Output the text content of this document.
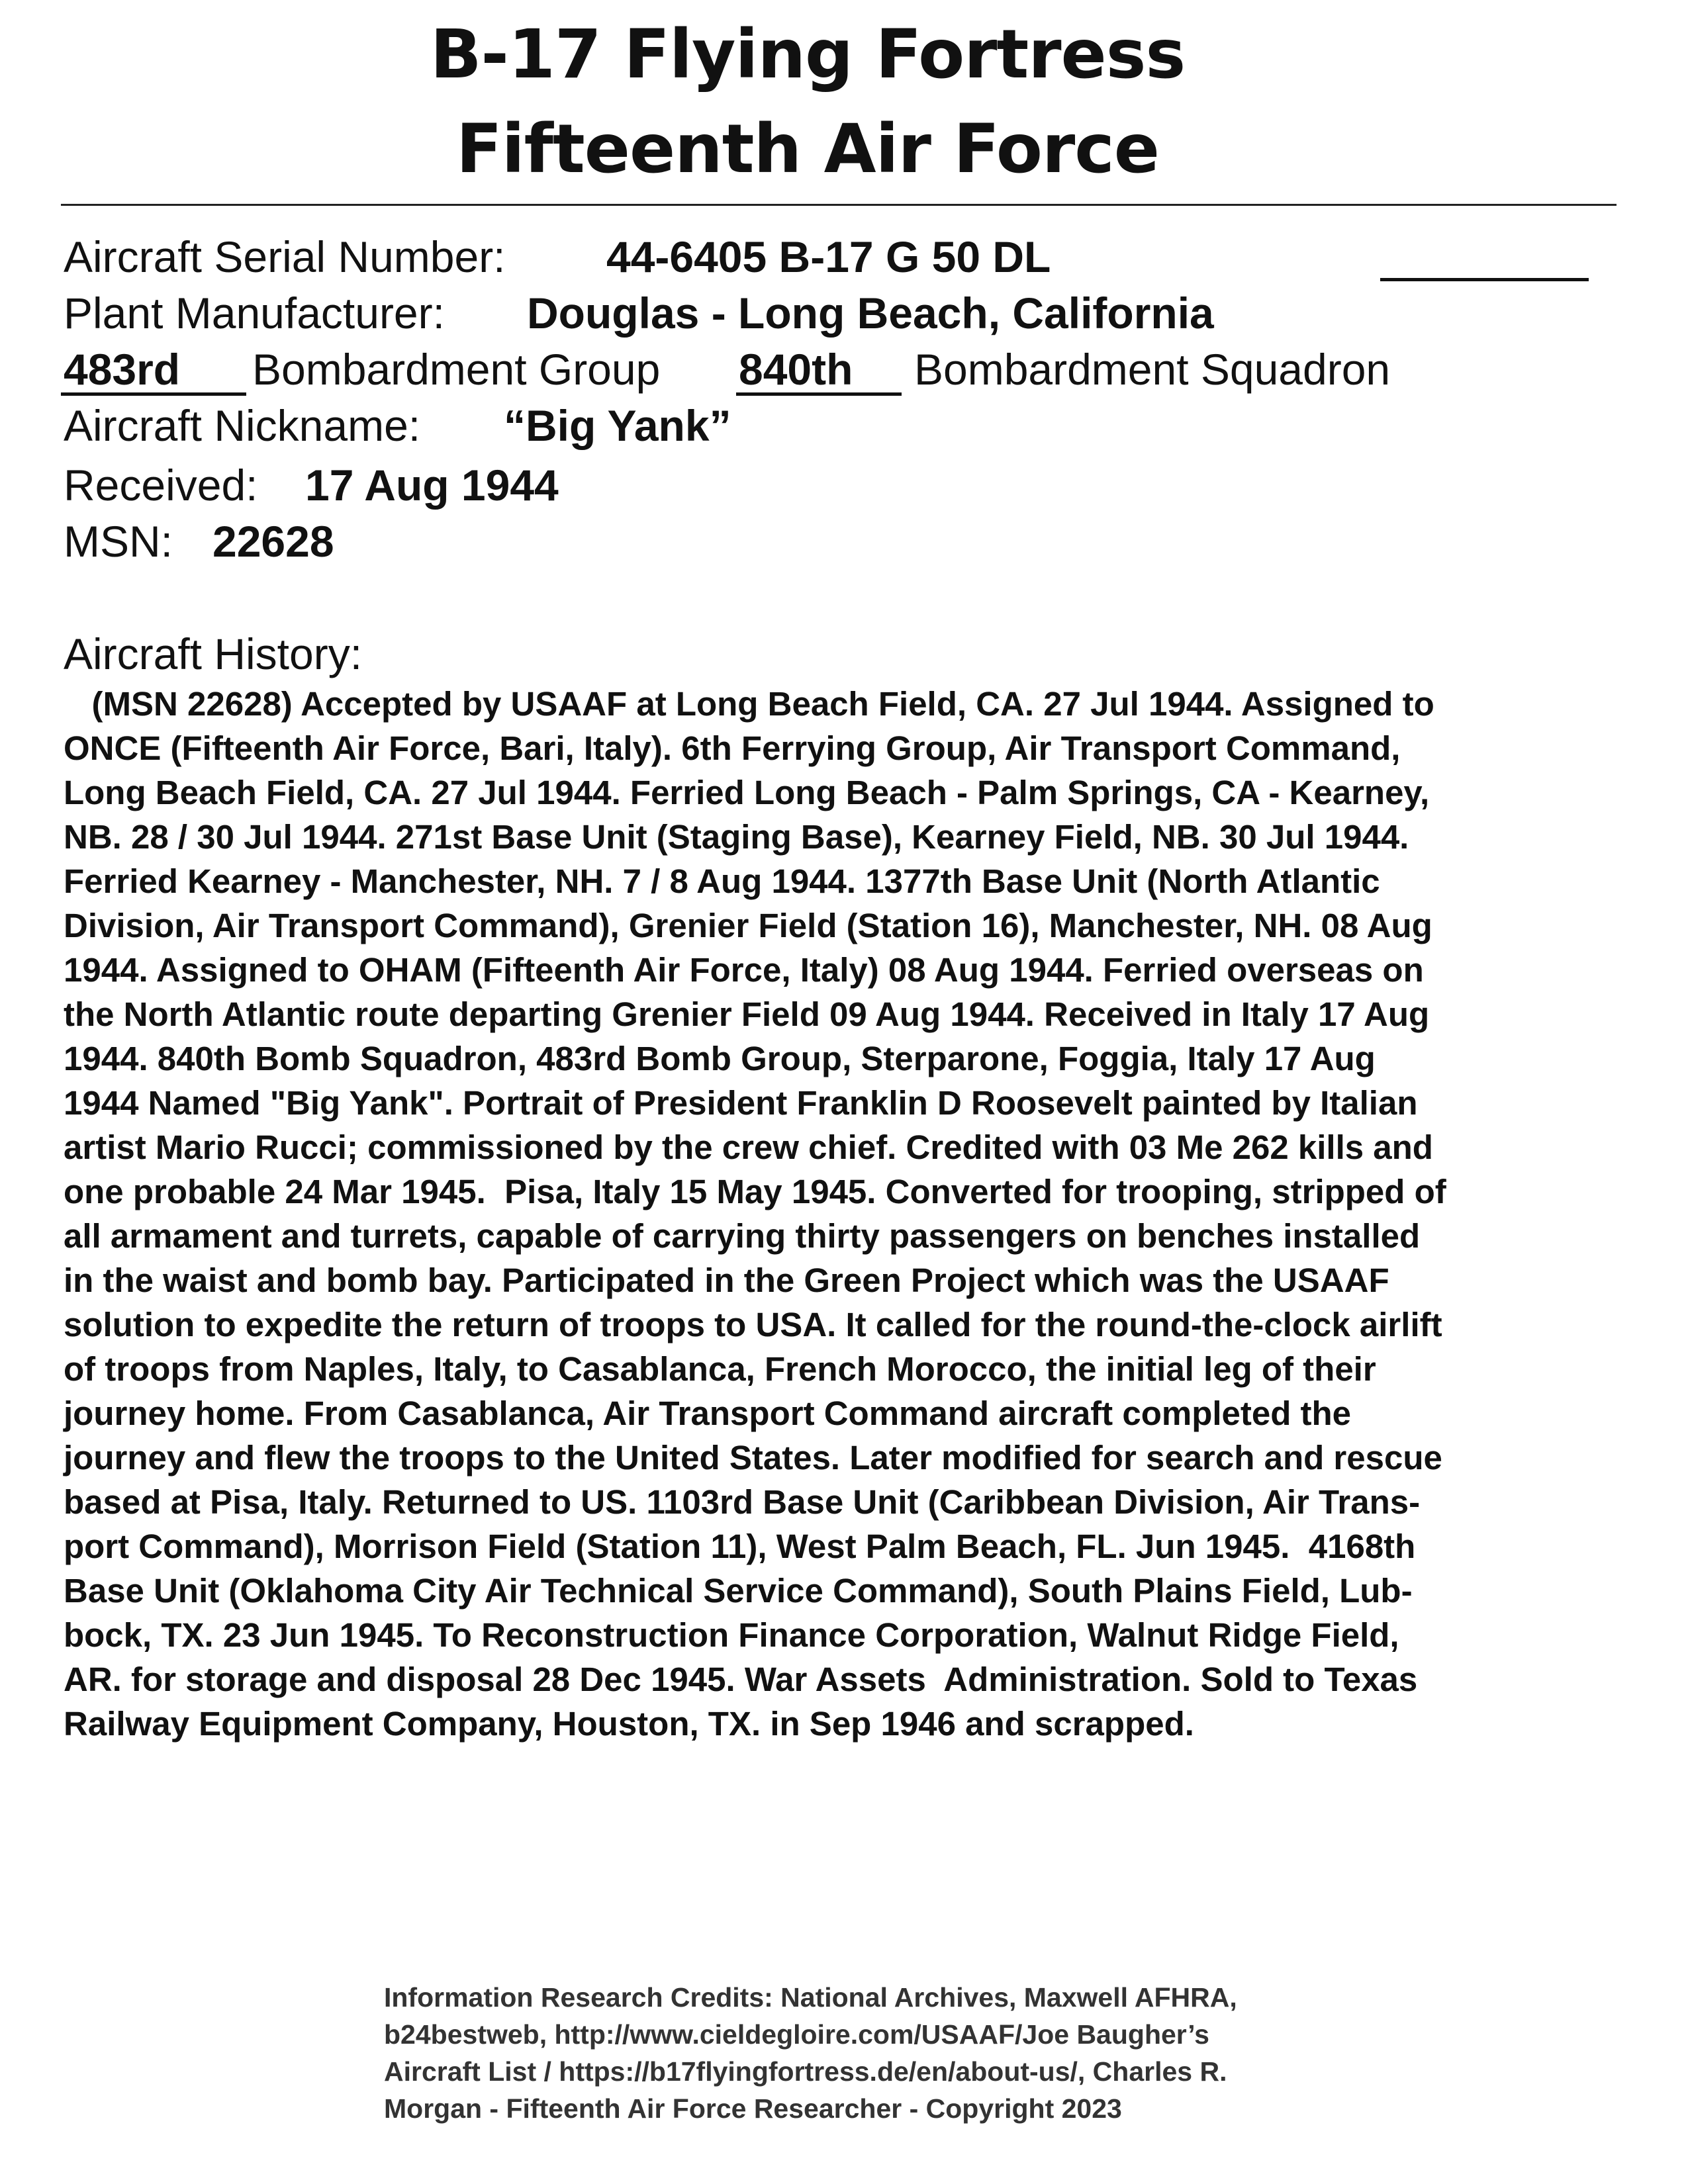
B-17 Flying Fortress
Fifteenth Air Force
Aircraft Serial Number: 44-6405 B-17 G 50 DL
Plant Manufacturer: Douglas - Long Beach, California
483rd Bombardment Group 840th Bombardment Squadron
Aircraft Nickname: “Big Yank”
Received: 17 Aug 1944
MSN: 22628
Aircraft History:
(MSN 22628) Accepted by USAAF at Long Beach Field, CA. 27 Jul 1944. Assigned to
ONCE (Fifteenth Air Force, Bari, Italy). 6th Ferrying Group, Air Transport Command,
Long Beach Field, CA. 27 Jul 1944. Ferried Long Beach - Palm Springs, CA - Kearney,
NB. 28 / 30 Jul 1944. 271st Base Unit (Staging Base), Kearney Field, NB. 30 Jul 1944.
Ferried Kearney - Manchester, NH. 7 / 8 Aug 1944. 1377th Base Unit (North Atlantic
Division, Air Transport Command), Grenier Field (Station 16), Manchester, NH. 08 Aug
1944. Assigned to OHAM (Fifteenth Air Force, Italy) 08 Aug 1944. Ferried overseas on
the North Atlantic route departing Grenier Field 09 Aug 1944. Received in Italy 17 Aug
1944. 840th Bomb Squadron, 483rd Bomb Group, Sterparone, Foggia, Italy 17 Aug
1944 Named "Big Yank". Portrait of President Franklin D Roosevelt painted by Italian
artist Mario Rucci; commissioned by the crew chief. Credited with 03 Me 262 kills and
one probable 24 Mar 1945.  Pisa, Italy 15 May 1945. Converted for trooping, stripped of
all armament and turrets, capable of carrying thirty passengers on benches installed
in the waist and bomb bay. Participated in the Green Project which was the USAAF
solution to expedite the return of troops to USA. It called for the round-the-clock airlift
of troops from Naples, Italy, to Casablanca, French Morocco, the initial leg of their
journey home. From Casablanca, Air Transport Command aircraft completed the
journey and flew the troops to the United States. Later modified for search and rescue
based at Pisa, Italy. Returned to US. 1103rd Base Unit (Caribbean Division, Air Trans-
port Command), Morrison Field (Station 11), West Palm Beach, FL. Jun 1945.  4168th
Base Unit (Oklahoma City Air Technical Service Command), South Plains Field, Lub-
bock, TX. 23 Jun 1945. To Reconstruction Finance Corporation, Walnut Ridge Field,
AR. for storage and disposal 28 Dec 1945. War Assets  Administration. Sold to Texas
Railway Equipment Company, Houston, TX. in Sep 1946 and scrapped.
Information Research Credits: National Archives, Maxwell AFHRA,
b24bestweb, http://www.cieldegloire.com/USAAF/Joe Baugher’s
Aircraft List / https://b17flyingfortress.de/en/about-us/, Charles R.
Morgan - Fifteenth Air Force Researcher - Copyright 2023
